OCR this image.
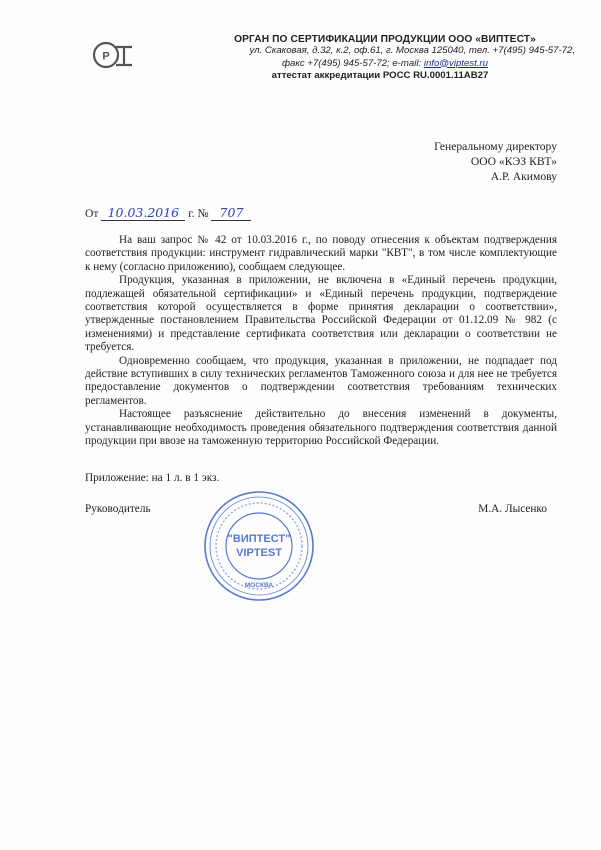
Р
ОРГАН ПО СЕРТИФИКАЦИИ ПРОДУКЦИИ ООО «ВИПТЕСТ»
ул. Скаковая, д.32, к.2, оф.61, г. Москва 125040, тел. +7(495) 945-57-72,
факс +7(495) 945-57-72; e-mail: info@viptest.ru
аттестат аккредитации РОСС RU.0001.11АВ27
Генеральному директору
ООО «КЭЗ КВТ»
А.Р. Акимову
От 10.03.2016 г. № 707

На ваш запрос № 42 от 10.03.2016 г., по поводу отнесения к объектам подтверждения соответствия продукции: инструмент гидравлический марки "КВТ", в том числе комплектующие к нему (согласно приложению), сообщаем следующее.

Продукция, указанная в приложении, не включена в «Единый перечень продукции, подлежащей обязательной сертификации» и «Единый перечень продукции, подтверждение соответствия которой осуществляется в форме принятия декларации о соответствии», утвержденные постановлением Правительства Российской Федерации от 01.12.09 № 982 (с изменениями) и представление сертификата соответствия или декларации о соответствии не требуется.

Одновременно сообщаем, что продукция, указанная в приложении, не подпадает под действие вступивших в силу технических регламентов Таможенного союза и для нее не требуется предоставление документов о подтверждении соответствия требованиям технических регламентов.

Настоящее разъяснение действительно до внесения изменений в документы, устанавливающие необходимость проведения обязательного подтверждения соответствия данной продукции при ввозе на таможенную территорию Российской Федерации.

Приложение: на 1 л. в 1 экз.
Руководитель	М.А. Лысенко
"ВИПТЕСТ"
VIPTEST
МОСКВА
